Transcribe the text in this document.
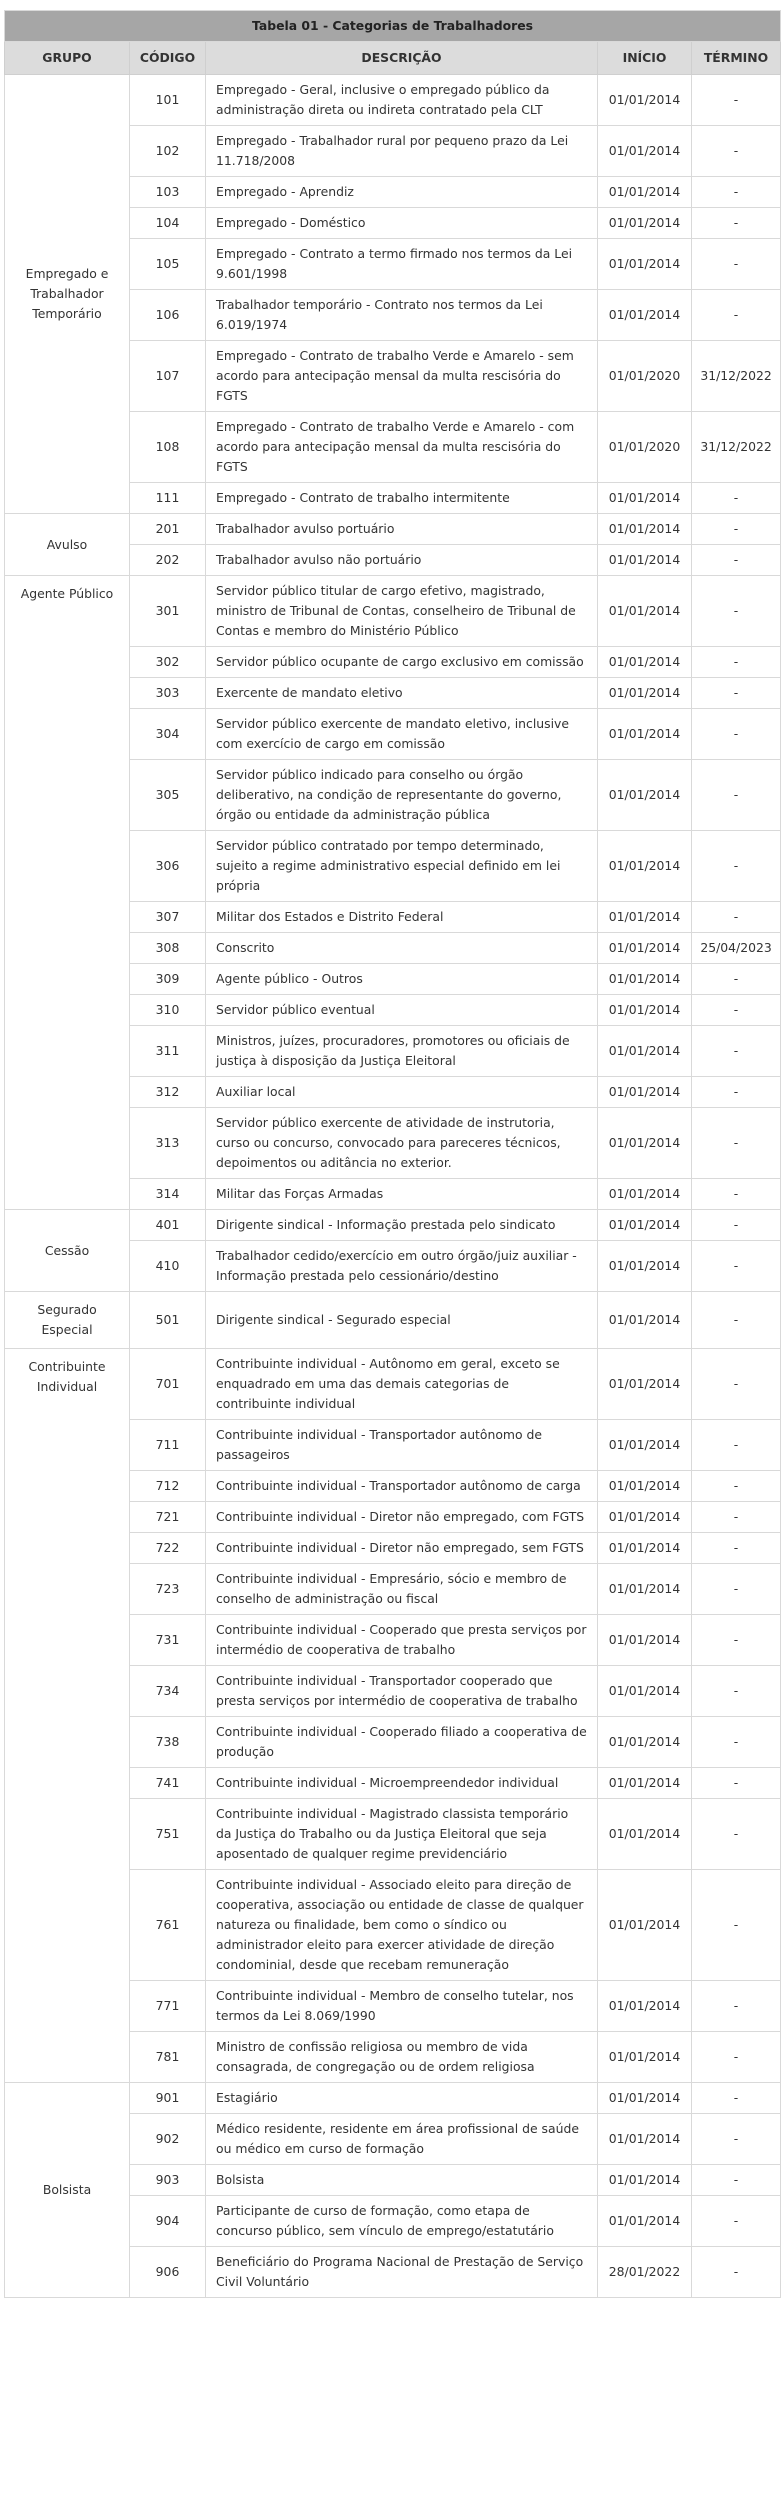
Tabela 01 - Categorias de Trabalhadores				
GRUPO	CÓDIGO	DESCRIÇÃO	INÍCIO	TÉRMINO
Empregado e Trabalhador Temporário	101	Empregado - Geral, inclusive o empregado público da administração direta ou indireta contratado pela CLT	01/01/2014	-
	102	Empregado - Trabalhador rural por pequeno prazo da Lei 11.718/2008	01/01/2014	-
	103	Empregado - Aprendiz	01/01/2014	-
	104	Empregado - Doméstico	01/01/2014	-
	105	Empregado - Contrato a termo firmado nos termos da Lei 9.601/1998	01/01/2014	-
	106	Trabalhador temporário - Contrato nos termos da Lei 6.019/1974	01/01/2014	-
	107	Empregado - Contrato de trabalho Verde e Amarelo - sem acordo para antecipação mensal da multa rescisória do FGTS	01/01/2020	31/12/2022
	108	Empregado - Contrato de trabalho Verde e Amarelo - com acordo para antecipação mensal da multa rescisória do FGTS	01/01/2020	31/12/2022
	111	Empregado - Contrato de trabalho intermitente	01/01/2014	-
Avulso	201	Trabalhador avulso portuário	01/01/2014	-
	202	Trabalhador avulso não portuário	01/01/2014	-
Agente Público	301	Servidor público titular de cargo efetivo, magistrado, ministro de Tribunal de Contas, conselheiro de Tribunal de Contas e membro do Ministério Público	01/01/2014	-
	302	Servidor público ocupante de cargo exclusivo em comissão	01/01/2014	-
	303	Exercente de mandato eletivo	01/01/2014	-
	304	Servidor público exercente de mandato eletivo, inclusive com exercício de cargo em comissão	01/01/2014	-
	305	Servidor público indicado para conselho ou órgão deliberativo, na condição de representante do governo, órgão ou entidade da administração pública	01/01/2014	-
	306	Servidor público contratado por tempo determinado, sujeito a regime administrativo especial definido em lei própria	01/01/2014	-
	307	Militar dos Estados e Distrito Federal	01/01/2014	-
	308	Conscrito	01/01/2014	25/04/2023
	309	Agente público - Outros	01/01/2014	-
	310	Servidor público eventual	01/01/2014	-
	311	Ministros, juízes, procuradores, promotores ou oficiais de justiça à disposição da Justiça Eleitoral	01/01/2014	-
	312	Auxiliar local	01/01/2014	-
	313	Servidor público exercente de atividade de instrutoria, curso ou concurso, convocado para pareceres técnicos, depoimentos ou aditância no exterior.	01/01/2014	-
	314	Militar das Forças Armadas	01/01/2014	-
Cessão	401	Dirigente sindical - Informação prestada pelo sindicato	01/01/2014	-
	410	Trabalhador cedido/exercício em outro órgão/juiz auxiliar - Informação prestada pelo cessionário/destino	01/01/2014	-
Segurado Especial	501	Dirigente sindical - Segurado especial	01/01/2014	-
Contribuinte Individual	701	Contribuinte individual - Autônomo em geral, exceto se enquadrado em uma das demais categorias de contribuinte individual	01/01/2014	-
	711	Contribuinte individual - Transportador autônomo de passageiros	01/01/2014	-
	712	Contribuinte individual - Transportador autônomo de carga	01/01/2014	-
	721	Contribuinte individual - Diretor não empregado, com FGTS	01/01/2014	-
	722	Contribuinte individual - Diretor não empregado, sem FGTS	01/01/2014	-
	723	Contribuinte individual - Empresário, sócio e membro de conselho de administração ou fiscal	01/01/2014	-
	731	Contribuinte individual - Cooperado que presta serviços por intermédio de cooperativa de trabalho	01/01/2014	-
	734	Contribuinte individual - Transportador cooperado que presta serviços por intermédio de cooperativa de trabalho	01/01/2014	-
	738	Contribuinte individual - Cooperado filiado a cooperativa de produção	01/01/2014	-
	741	Contribuinte individual - Microempreendedor individual	01/01/2014	-
	751	Contribuinte individual - Magistrado classista temporário da Justiça do Trabalho ou da Justiça Eleitoral que seja aposentado de qualquer regime previdenciário	01/01/2014	-
	761	Contribuinte individual - Associado eleito para direção de cooperativa, associação ou entidade de classe de qualquer natureza ou finalidade, bem como o síndico ou administrador eleito para exercer atividade de direção condominial, desde que recebam remuneração	01/01/2014	-
	771	Contribuinte individual - Membro de conselho tutelar, nos termos da Lei 8.069/1990	01/01/2014	-
	781	Ministro de confissão religiosa ou membro de vida consagrada, de congregação ou de ordem religiosa	01/01/2014	-
Bolsista	901	Estagiário	01/01/2014	-
	902	Médico residente, residente em área profissional de saúde ou médico em curso de formação	01/01/2014	-
	903	Bolsista	01/01/2014	-
	904	Participante de curso de formação, como etapa de concurso público, sem vínculo de emprego/estatutário	01/01/2014	-
	906	Beneficiário do Programa Nacional de Prestação de Serviço Civil Voluntário	28/01/2022	-
